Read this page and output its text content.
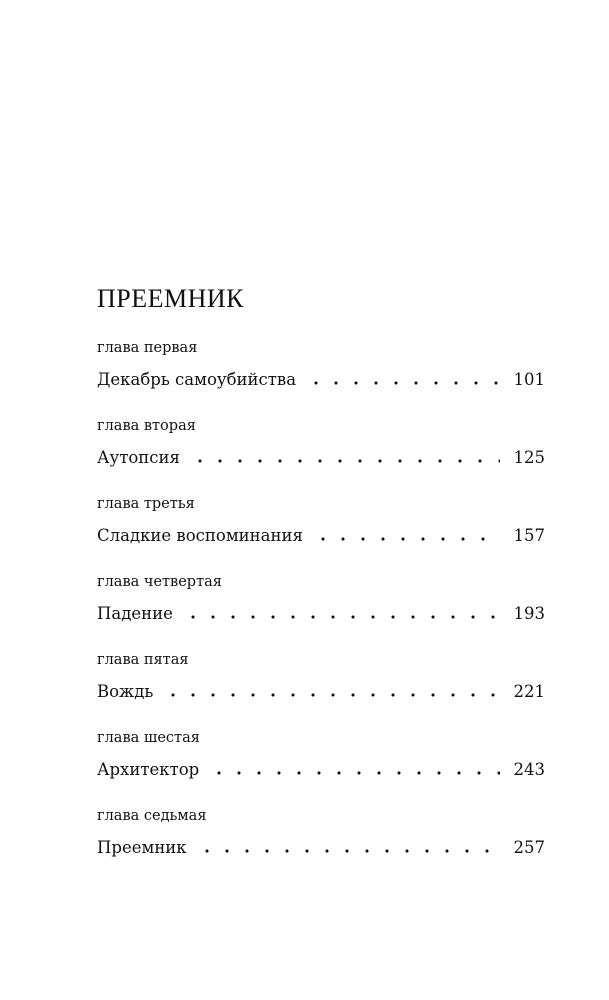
ПРЕЕМНИК
глава первая
Декабрь самоубийства	101
глава вторая
Аутопсия	125
глава третья
Сладкие воспоминания	157
глава четвертая
Падение	193
глава пятая
Вождь	221
глава шестая
Архитектор	243
глава седьмая
Преемник	257
